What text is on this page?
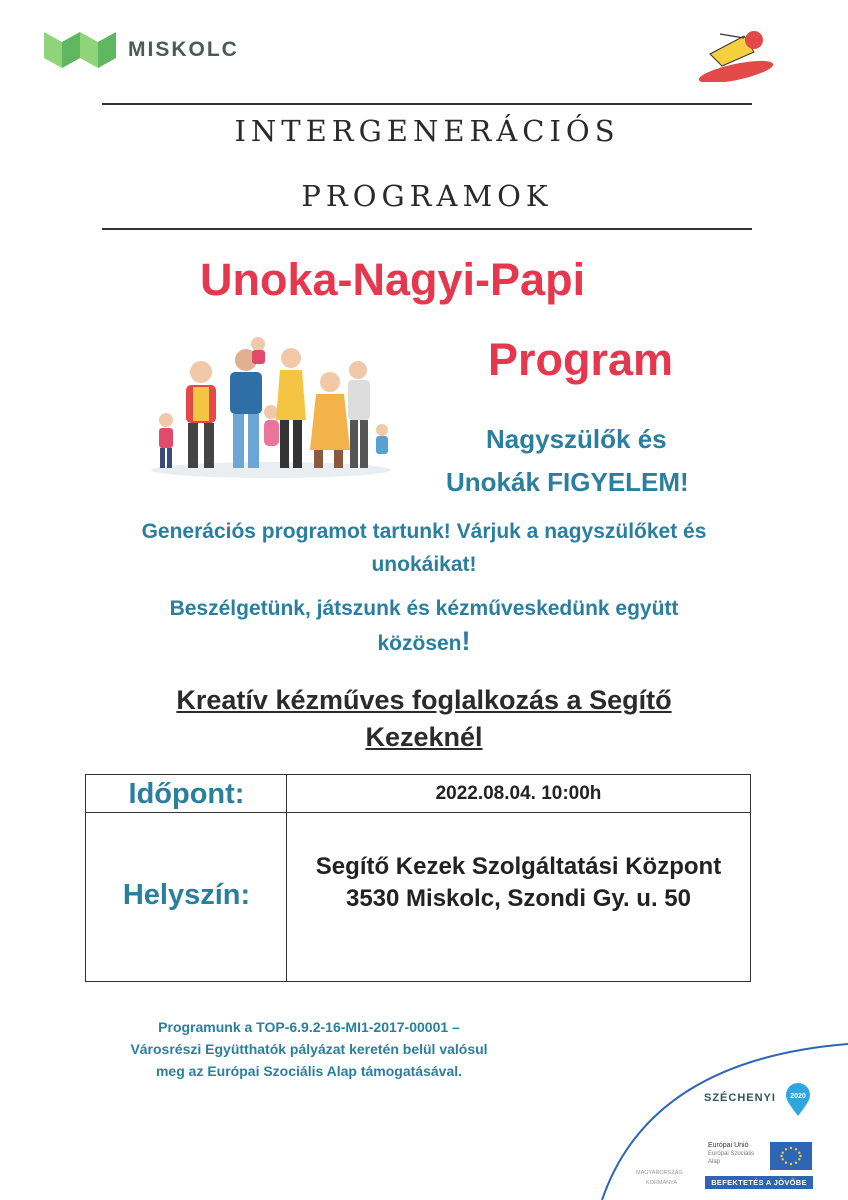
MISKOLC
INTERGENERÁCIÓS
PROGRAMOK
Unoka-Nagyi-Papi
Program
Nagyszülők és
Unokák FIGYELEM!
Generációs programot tartunk! Várjuk a nagyszülőket és
unokáikat!
Beszélgetünk, játszunk és kézműveskedünk együtt
közösen!
Kreatív kézműves foglalkozás a Segítő
Kezeknél
Időpont:	2022.08.04. 10:00h
Helyszín:
Segítő Kezek Szolgáltatási Központ
3530 Miskolc, Szondi Gy. u. 50
Programunk a TOP-6.9.2-16-MI1-2017-00001 –
Városrészi Együtthatók pályázat keretén belül valósul
meg az Európai Szociális Alap támogatásával.
SZÉCHENYI 2020
Európai Unió
Európai Szociális
Alap
BEFEKTETÉS A JÖVŐBE
MAGYARORSZÁG
KORMÁNYA
